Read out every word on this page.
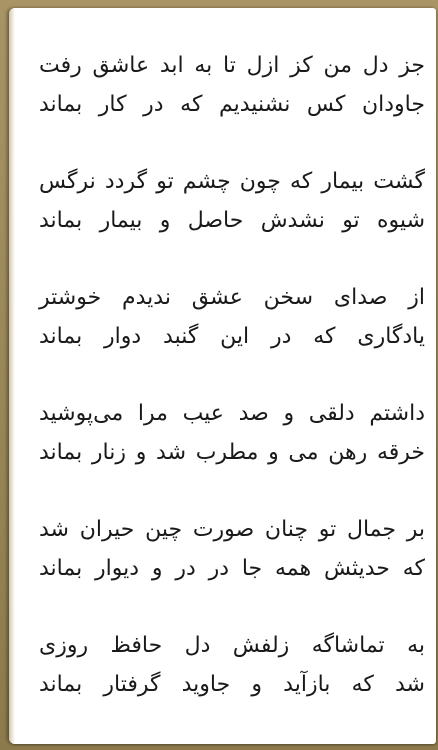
جز دل من کز ازل تا به ابد عاشق رفت
جاودان کس نشنیدیم که در کار بماند
گشت بیمار که چون چشم تو گردد نرگس
شیوه تو نشدش حاصل و بیمار بماند
از صدای سخن عشق ندیدم خوشتر
یادگاری که در این گنبد دوار بماند
داشتم دلقی و صد عیب مرا می‌پوشید
خرقه رهن می و مطرب شد و زنار بماند
بر جمال تو چنان صورت چین حیران شد
که حدیثش همه جا در در و دیوار بماند
به تماشاگه زلفش دل حافظ روزی
شد که بازآید و جاوید گرفتار بماند
